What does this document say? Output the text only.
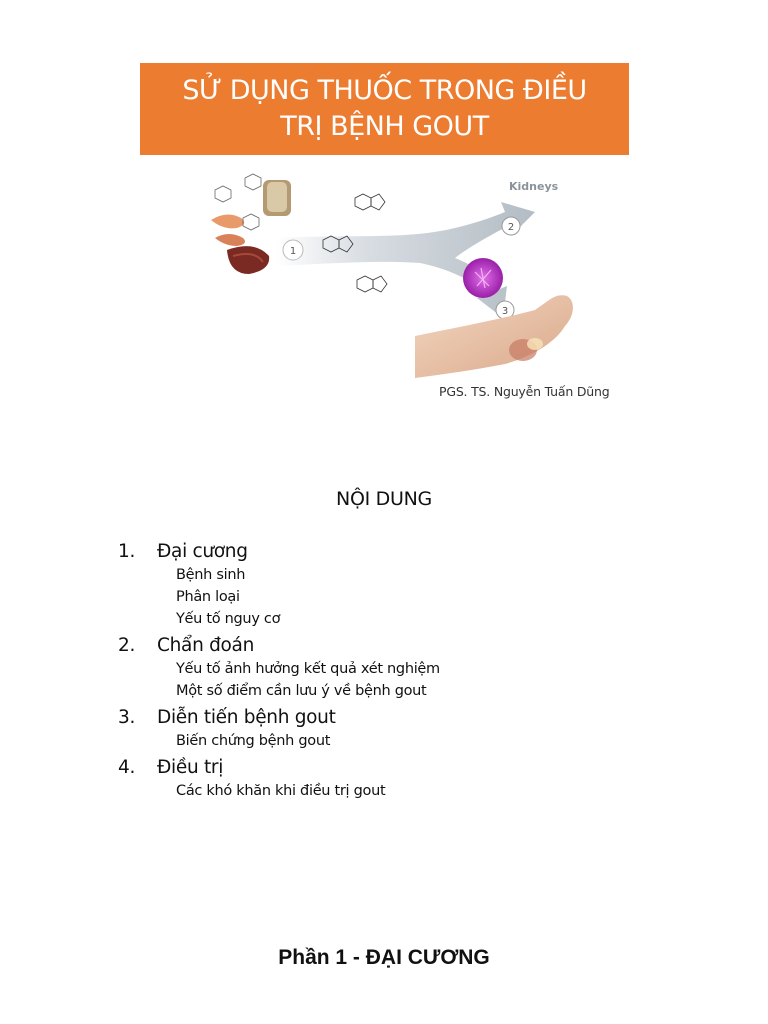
SỬ DỤNG THUỐC TRONG ĐIỀU
TRỊ BỆNH GOUT
1
2
3
Kidneys
PGS. TS. Nguyễn Tuấn Dũng
NỘI DUNG
1.	Đại cương
Bệnh sinh
Phân loại
Yếu tố nguy cơ
2.	Chẩn đoán
Yếu tố ảnh hưởng kết quả xét nghiệm
Một số điểm cần lưu ý về bệnh gout
3.	Diễn tiến bệnh gout
Biến chứng bệnh gout
4.	Điều trị
Các khó khăn khi điều trị gout
Phần 1 - ĐẠI CƯƠNG
